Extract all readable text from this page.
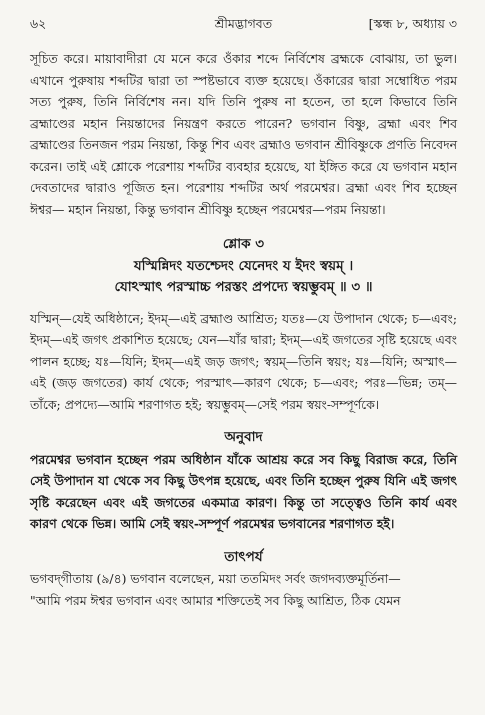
৬২	শ্রীমদ্ভাগবত	[স্কন্ধ ৮, অধ্যায় ৩

সূচিত করে। মায়াবাদীরা যে মনে করে ওঁকার শব্দে নির্বিশেষ ব্রহ্মকে বোঝায়, তা ভুল। এখানে পুরুষায় শব্দটির দ্বারা তা স্পষ্টভাবে ব্যক্ত হয়েছে। ওঁকারের দ্বারা সম্বোধিত পরম সত্য পুরুষ, তিনি নির্বিশেষ নন। যদি তিনি পুরুষ না হতেন, তা হলে কিভাবে তিনি ব্রহ্মাণ্ডের মহান নিয়ন্তাদের নিয়ন্ত্রণ করতে পারেন? ভগবান বিষ্ণু, ব্রহ্মা এবং শিব ব্রহ্মাণ্ডের তিনজন পরম নিয়ন্তা, কিন্তু শিব এবং ব্রহ্মাও ভগবান শ্রীবিষ্ণুকে প্রণতি নিবেদন করেন। তাই এই শ্লোকে পরেশায় শব্দটির ব্যবহার হয়েছে, যা ইঙ্গিত করে যে ভগবান মহান দেবতাদের দ্বারাও পূজিত হন। পরেশায় শব্দটির অর্থ পরমেশ্বর। ব্রহ্মা এবং শিব হচ্ছেন ঈশ্বর— মহান নিয়ন্তা, কিন্তু ভগবান শ্রীবিষ্ণু হচ্ছেন পরমেশ্বর—পরম নিয়ন্তা।

শ্লোক ৩

যস্মিন্নিদং যতশ্চেদং যেনেদং য ইদং স্বয়ম্ ।

যোঽস্মাৎ পরস্মাচ্চ পরস্তং প্রপদ্যে স্বয়ম্ভুবম্ ॥ ৩ ॥

যস্মিন্—যেই অধিষ্ঠানে; ইদম্—এই ব্রহ্মাণ্ড আশ্রিত; যতঃ—যে উপাদান থেকে; চ—এবং; ইদম্—এই জগৎ প্রকাশিত হয়েছে; যেন—যাঁর দ্বারা; ইদম্—এই জগতের সৃষ্টি হয়েছে এবং পালন হচ্ছে; যঃ—যিনি; ইদম্—এই জড় জগৎ; স্বয়ম্—তিনি স্বয়ং; যঃ—যিনি; অস্মাৎ—এই (জড় জগতের) কার্য থেকে; পরস্মাৎ—কারণ থেকে; চ—এবং; পরঃ—ভিন্ন; তম্—তাঁকে; প্রপদ্যে—আমি শরণাগত হই; স্বয়ম্ভুবম্—সেই পরম স্বয়ং-সম্পূর্ণকে।

অনুবাদ

পরমেশ্বর ভগবান হচ্ছেন পরম অধিষ্ঠান যাঁকে আশ্রয় করে সব কিছু বিরাজ করে, তিনি সেই উপাদান যা থেকে সব কিছু উৎপন্ন হয়েছে, এবং তিনি হচ্ছেন পুরুষ যিনি এই জগৎ সৃষ্টি করেছেন এবং এই জগতের একমাত্র কারণ। কিন্তু তা সত্ত্বেও তিনি কার্য এবং কারণ থেকে ভিন্ন। আমি সেই স্বয়ং-সম্পূর্ণ পরমেশ্বর ভগবানের শরণাগত হই।

তাৎপর্য

ভগবদ্‌গীতায় (৯/৪) ভগবান বলেছেন, ময়া ততমিদং সর্বং জগদব্যক্তমূর্তিনা—

"আমি পরম ঈশ্বর ভগবান এবং আমার শক্তিতেই সব কিছু আশ্রিত, ঠিক যেমন
